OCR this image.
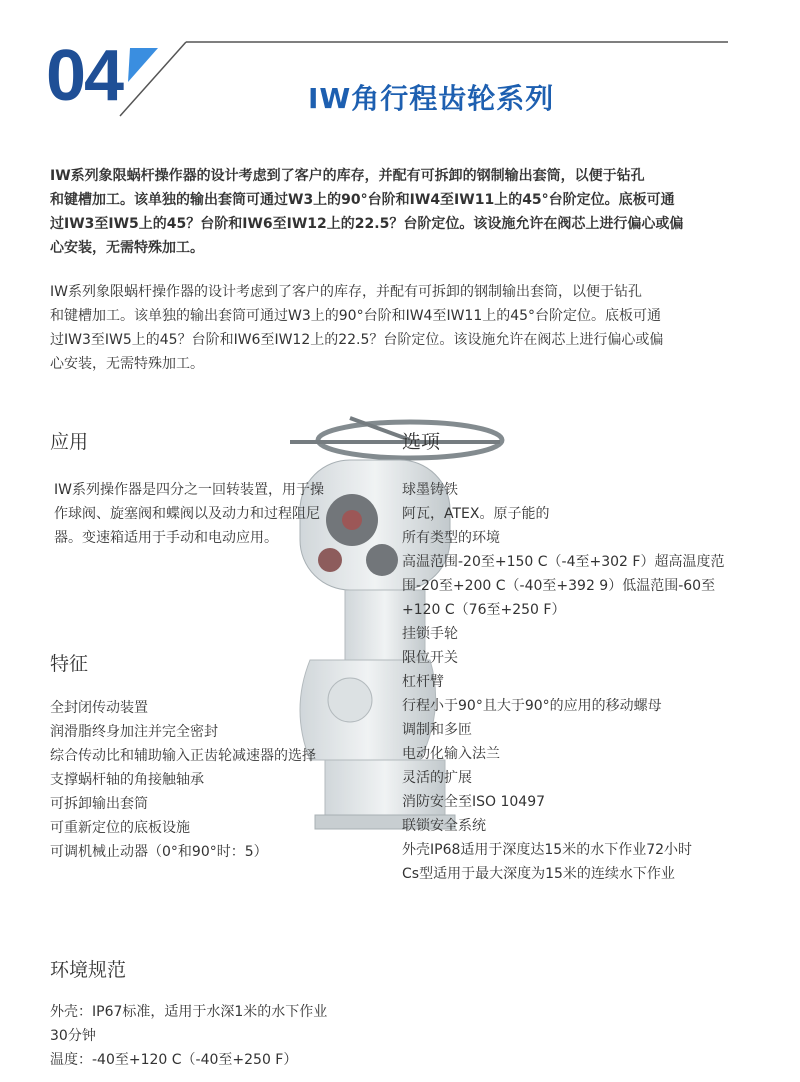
04	IW角行程齿轮系列

IW系列象限蜗杆操作器的设计考虑到了客户的库存，并配有可拆卸的钢制输出套筒，以便于钻孔

和键槽加工。该单独的输出套筒可通过W3上的90°台阶和IW4至IW11上的45°台阶定位。底板可通

过IW3至IW5上的45？台阶和IW6至IW12上的22.5？台阶定位。该设施允许在阀芯上进行偏心或偏

心安装，无需特殊加工。

IW系列象限蜗杆操作器的设计考虑到了客户的库存，并配有可拆卸的钢制输出套筒，以便于钻孔

和键槽加工。该单独的输出套筒可通过W3上的90°台阶和IW4至IW11上的45°台阶定位。底板可通

过IW3至IW5上的45？台阶和IW6至IW12上的22.5？台阶定位。该设施允许在阀芯上进行偏心或偏

心安装，无需特殊加工。

应用
IW系列操作器是四分之一回转装置，用于操
作球阀、旋塞阀和蝶阀以及动力和过程阻尼
器。变速箱适用于手动和电动应用。
选项
球墨铸铁
阿瓦，ATEX。原子能的
所有类型的环境
高温范围-20至+150 C（-4至+302 F）超高温度范
围-20至+200 C（-40至+392 9）低温范围-60至
+120 C（76至+250 F）
挂锁手轮
限位开关
杠杆臂
行程小于90°且大于90°的应用的移动螺母
调制和多匝
电动化输入法兰
灵活的扩展
消防安全至ISO 10497
联锁安全系统
外壳IP68适用于深度达15米的水下作业72小时
Cs型适用于最大深度为15米的连续水下作业
特征
全封闭传动装置
润滑脂终身加注并完全密封
综合传动比和辅助输入正齿轮减速器的选择
支撑蜗杆轴的角接触轴承
可拆卸输出套筒
可重新定位的底板设施
可调机械止动器（0°和90°时：5）
环境规范
外壳：IP67标准，适用于水深1米的水下作业
30分钟
温度：-40至+120 C（-40至+250 F）
